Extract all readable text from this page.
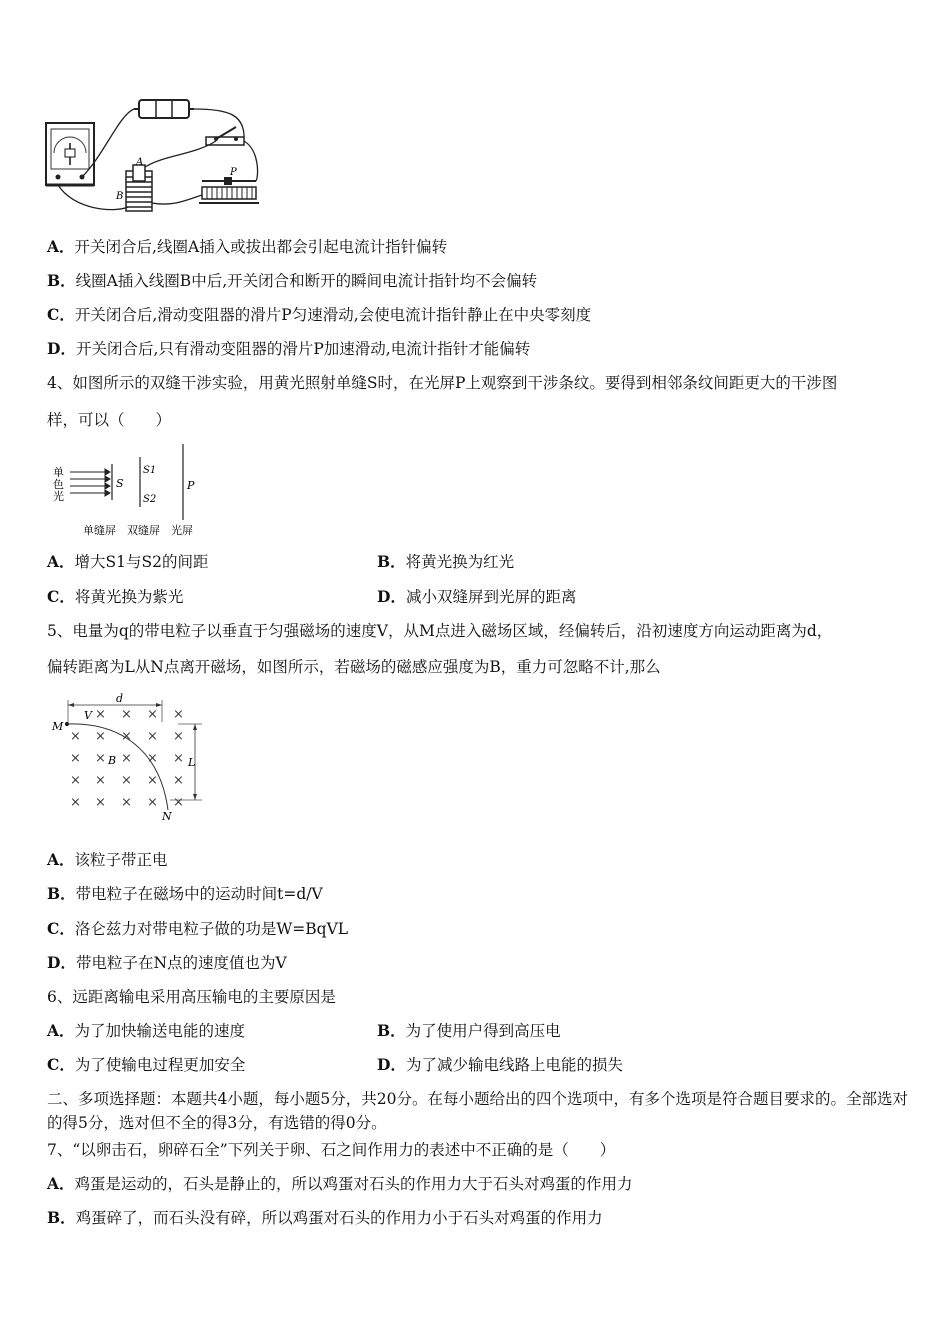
A
B
P
A．开关闭合后,线圈A插入或拔出都会引起电流计指针偏转
B．线圈A插入线圈B中后,开关闭合和断开的瞬间电流计指针均不会偏转
C．开关闭合后,滑动变阻器的滑片P匀速滑动,会使电流计指针静止在中央零刻度
D．开关闭合后,只有滑动变阻器的滑片P加速滑动,电流计指针才能偏转
4、如图所示的双缝干涉实验，用黄光照射单缝S时，在光屏P上观察到干涉条纹。要得到相邻条纹间距更大的干涉图
样，可以（　　）
单
色
光
S
S1
S2
P
单缝屏 双缝屏 光屏
A．增大S1与S2的间距	B．将黄光换为红光
C．将黄光换为紫光	D．减小双缝屏到光屏的距离
5、电量为q的带电粒子以垂直于匀强磁场的速度V，从M点进入磁场区域，经偏转后，沿初速度方向运动距离为d，
偏转距离为L从N点离开磁场，如图所示，若磁场的磁感应强度为B，重力可忽略不计,那么
× × × ×
× × × × ×
× × × × ×
× × × × ×
× × × × ×
M
V
d
B	L
N
A．该粒子带正电
B．带电粒子在磁场中的运动时间t=d/V
C．洛仑兹力对带电粒子做的功是W=BqVL
D．带电粒子在N点的速度值也为V
6、远距离输电采用高压输电的主要原因是
A．为了加快输送电能的速度	B．为了使用户得到高压电
C．为了使输电过程更加安全	D．为了减少输电线路上电能的损失
二、多项选择题：本题共4小题，每小题5分，共20分。在每小题给出的四个选项中，有多个选项是符合题目要求的。全部选对的得5分，选对但不全的得3分，有选错的得0分。
7、“以卵击石，卵碎石全”下列关于卵、石之间作用力的表述中不正确的是（　　）
A．鸡蛋是运动的，石头是静止的，所以鸡蛋对石头的作用力大于石头对鸡蛋的作用力
B．鸡蛋碎了，而石头没有碎，所以鸡蛋对石头的作用力小于石头对鸡蛋的作用力
